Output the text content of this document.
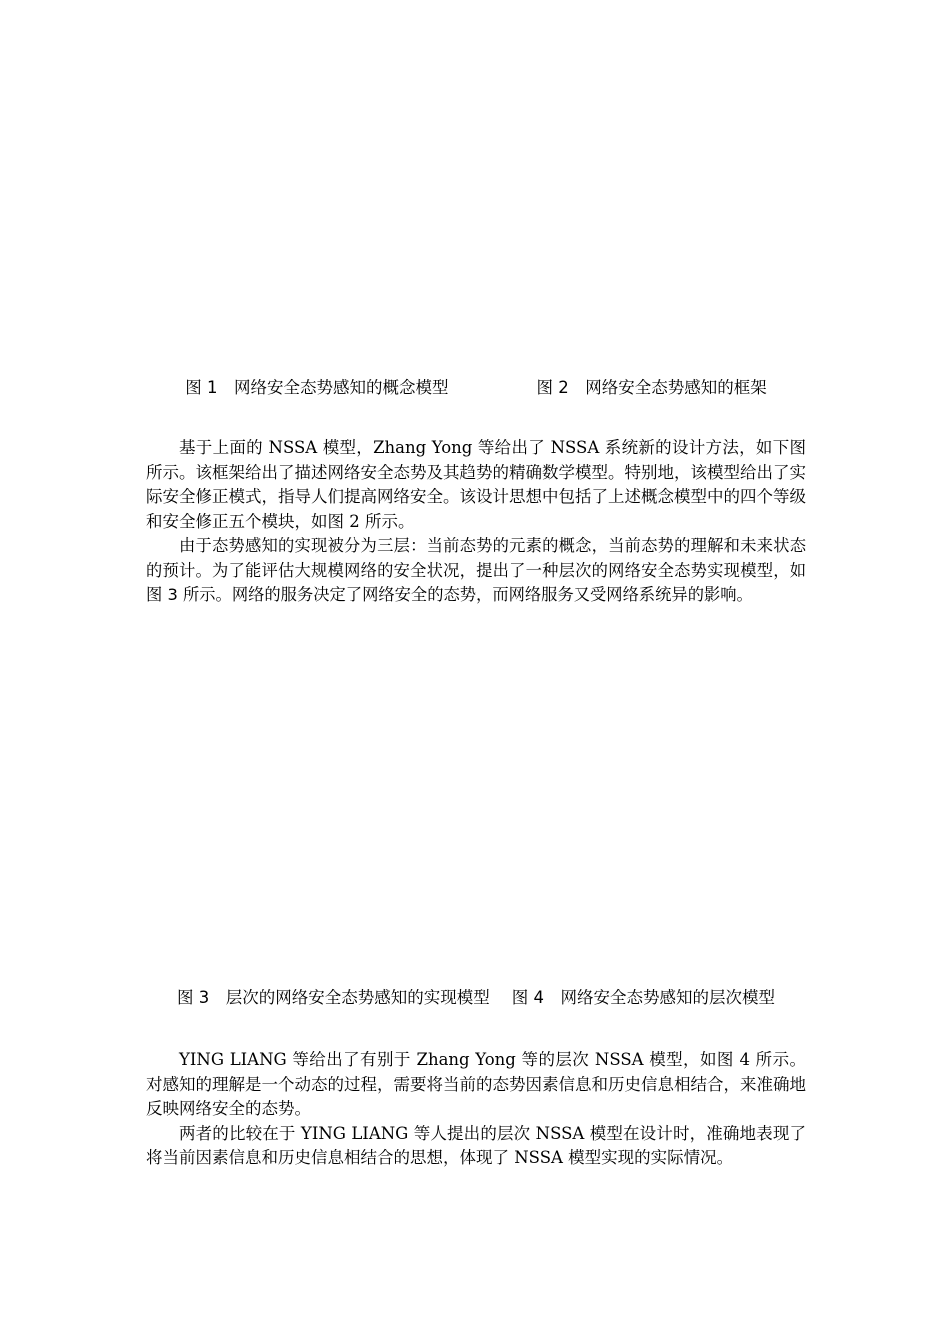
图 1　网络安全态势感知的概念模型	图 2　网络安全态势感知的框架

基于上面的 NSSA 模型，Zhang Yong 等给出了 NSSA 系统新的设计方法，如下图所示。该框架给出了描述网络安全态势及其趋势的精确数学模型。特别地，该模型给出了实际安全修正模式，指导人们提高网络安全。该设计思想中包括了上述概念模型中的四个等级和安全修正五个模块，如图 2 所示。

由于态势感知的实现被分为三层：当前态势的元素的概念，当前态势的理解和未来状态的预计。为了能评估大规模网络的安全状况，提出了一种层次的网络安全态势实现模型，如图 3 所示。网络的服务决定了网络安全的态势，而网络服务又受网络系统异的影响。

图 3　层次的网络安全态势感知的实现模型 图 4　网络安全态势感知的层次模型

YING LIANG 等给出了有别于 Zhang Yong 等的层次 NSSA 模型，如图 4 所示。对感知的理解是一个动态的过程，需要将当前的态势因素信息和历史信息相结合，来准确地反映网络安全的态势。

两者的比较在于 YING LIANG 等人提出的层次 NSSA 模型在设计时，准确地表现了将当前因素信息和历史信息相结合的思想，体现了 NSSA 模型实现的实际情况。
